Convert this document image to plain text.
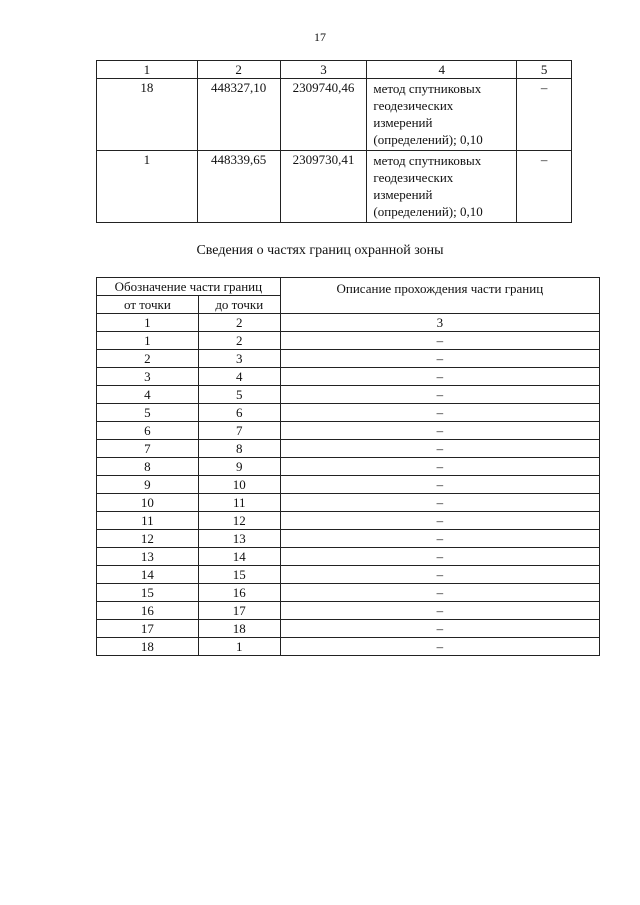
17
1	2	3	4	5
18	448327,10	2309740,46	метод спутниковых
геодезических
измерений
(определений); 0,10	–
1	448339,65	2309730,41	метод спутниковых
геодезических
измерений
(определений); 0,10	–
Сведения о частях границ охранной зоны
Обозначение части границ		Описание прохождения части границ
от точки	до точки	
1	2	3
1	2	–
2	3	–
3	4	–
4	5	–
5	6	–
6	7	–
7	8	–
8	9	–
9	10	–
10	11	–
11	12	–
12	13	–
13	14	–
14	15	–
15	16	–
16	17	–
17	18	–
18	1	–
